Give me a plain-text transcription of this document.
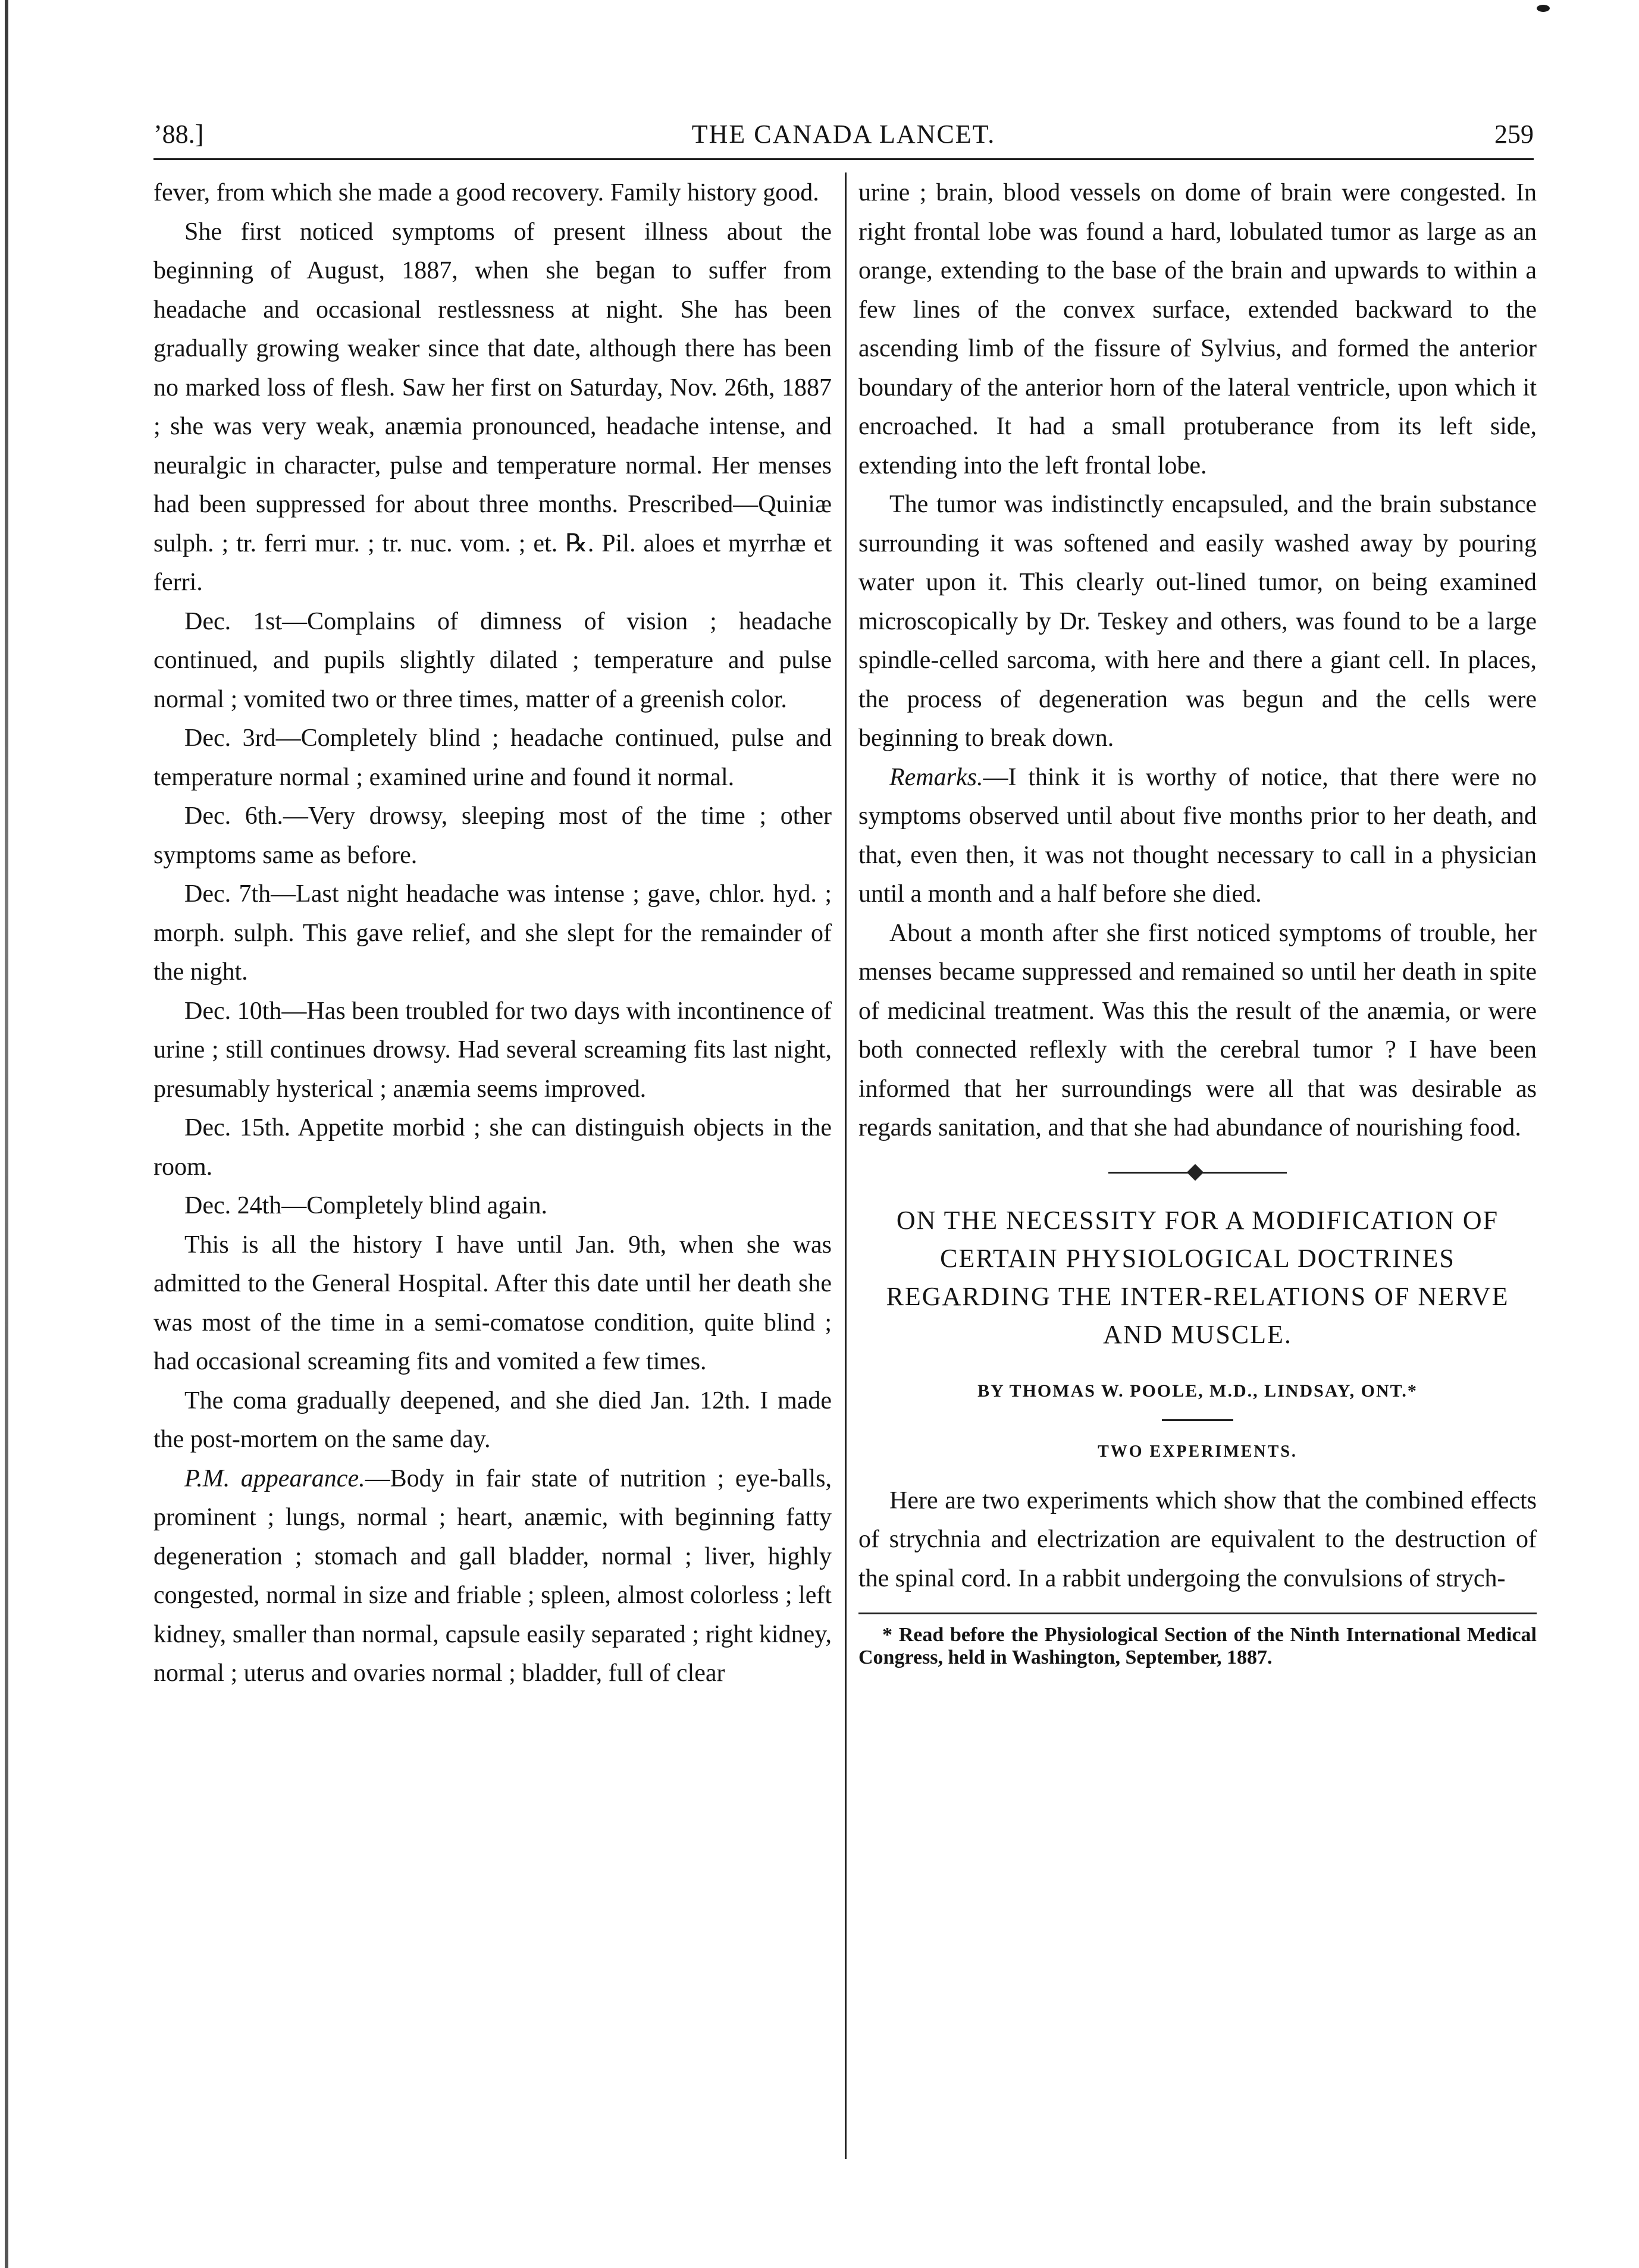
’88.]	THE CANADA LANCET.	259

fever, from which she made a good recovery. Family history good.

She first noticed symptoms of present illness about the beginning of August, 1887, when she began to suffer from headache and occasional restlessness at night. She has been gradually growing weaker since that date, although there has been no marked loss of flesh. Saw her first on Saturday, Nov. 26th, 1887 ; she was very weak, anæmia pronounced, headache intense, and neuralgic in character, pulse and temperature normal. Her menses had been suppressed for about three months. Prescribed—Quiniæ sulph. ; tr. ferri mur. ; tr. nuc. vom. ; et. ℞. Pil. aloes et myrrhæ et ferri.

Dec. 1st—Complains of dimness of vision ; headache continued, and pupils slightly dilated ; temperature and pulse normal ; vomited two or three times, matter of a greenish color.

Dec. 3rd—Completely blind ; headache continued, pulse and temperature normal ; examined urine and found it normal.

Dec. 6th.—Very drowsy, sleeping most of the time ; other symptoms same as before.

Dec. 7th—Last night headache was intense ; gave, chlor. hyd. ; morph. sulph. This gave relief, and she slept for the remainder of the night.

Dec. 10th—Has been troubled for two days with incontinence of urine ; still continues drowsy. Had several screaming fits last night, presumably hysterical ; anæmia seems improved.

Dec. 15th. Appetite morbid ; she can distinguish objects in the room.

Dec. 24th—Completely blind again.

This is all the history I have until Jan. 9th, when she was admitted to the General Hospital. After this date until her death she was most of the time in a semi-comatose condition, quite blind ; had occasional screaming fits and vomited a few times.

The coma gradually deepened, and she died Jan. 12th. I made the post-mortem on the same day.

P.M. appearance.—Body in fair state of nutrition ; eye-balls, prominent ; lungs, normal ; heart, anæmic, with beginning fatty degeneration ; stomach and gall bladder, normal ; liver, highly congested, normal in size and friable ; spleen, almost colorless ; left kidney, smaller than normal, capsule easily separated ; right kidney, normal ; uterus and ovaries normal ; bladder, full of clear

urine ; brain, blood vessels on dome of brain were congested. In right frontal lobe was found a hard, lobulated tumor as large as an orange, extending to the base of the brain and upwards to within a few lines of the convex surface, extended backward to the ascending limb of the fissure of Sylvius, and formed the anterior boundary of the anterior horn of the lateral ventricle, upon which it encroached. It had a small protuberance from its left side, extending into the left frontal lobe.

The tumor was indistinctly encapsuled, and the brain substance surrounding it was softened and easily washed away by pouring water upon it. This clearly out-lined tumor, on being examined microscopically by Dr. Teskey and others, was found to be a large spindle-celled sarcoma, with here and there a giant cell. In places, the process of degeneration was begun and the cells were beginning to break down.

Remarks.—I think it is worthy of notice, that there were no symptoms observed until about five months prior to her death, and that, even then, it was not thought necessary to call in a physician until a month and a half before she died.

About a month after she first noticed symptoms of trouble, her menses became suppressed and remained so until her death in spite of medicinal treatment. Was this the result of the anæmia, or were both connected reflexly with the cerebral tumor ? I have been informed that her surroundings were all that was desirable as regards sanitation, and that she had abundance of nourishing food.

ON THE NECESSITY FOR A MODIFICATION OF CERTAIN PHYSIOLOGICAL DOCTRINES REGARDING THE INTER-RELATIONS OF NERVE AND MUSCLE.
BY THOMAS W. POOLE, M.D., LINDSAY, ONT.*
TWO EXPERIMENTS.

Here are two experiments which show that the combined effects of strychnia and electrization are equivalent to the destruction of the spinal cord. In a rabbit undergoing the convulsions of strych-

* Read before the Physiological Section of the Ninth International Medical Congress, held in Washington, September, 1887.
